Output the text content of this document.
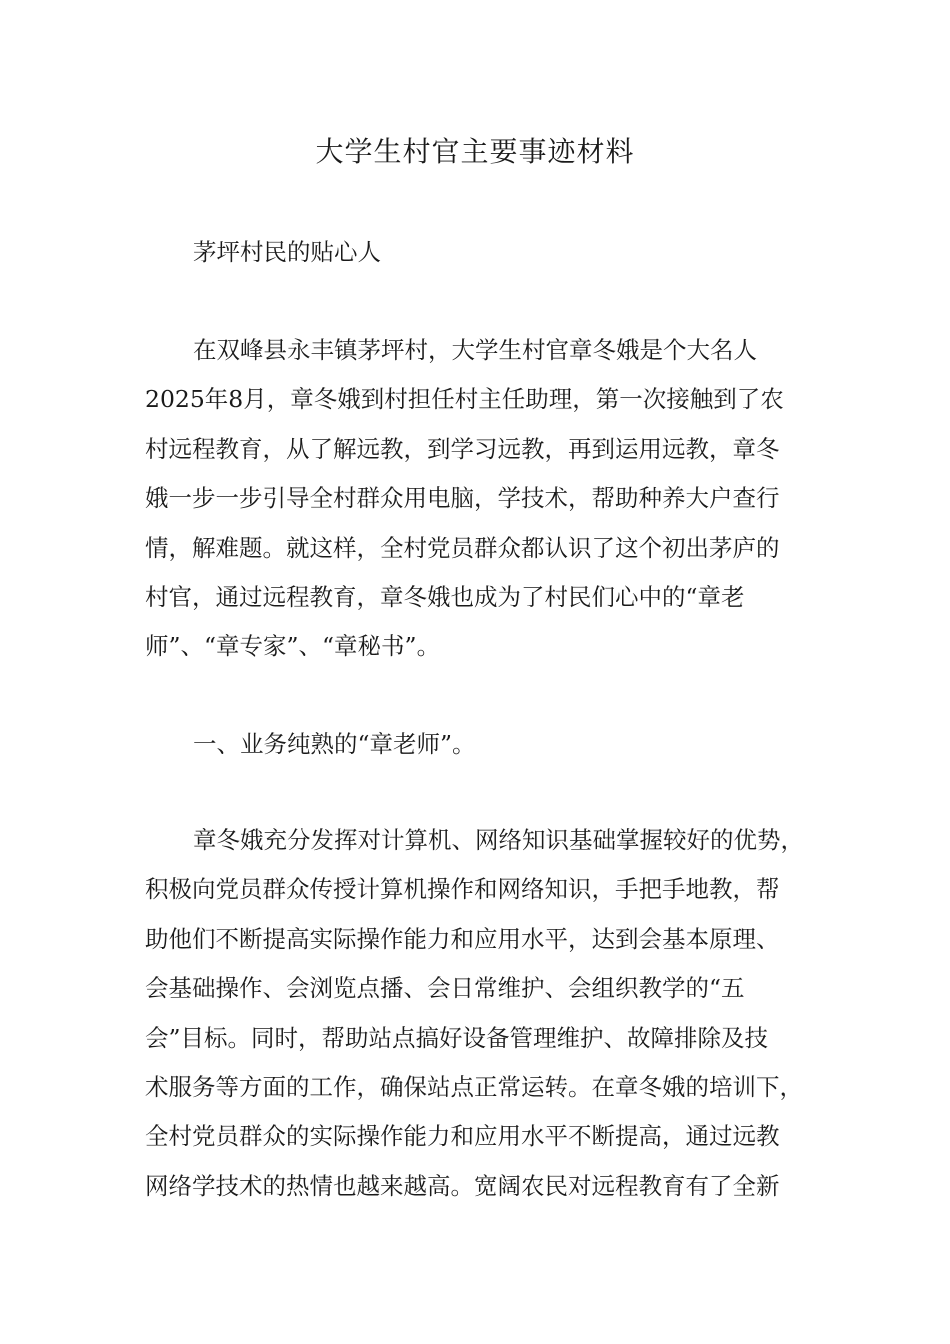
大学生村官主要事迹材料

茅坪村民的贴心人

在双峰县永丰镇茅坪村，大学生村官章冬娥是个大名人
2025年8月，章冬娥到村担任村主任助理，第一次接触到了农
村远程教育，从了解远教，到学习远教，再到运用远教，章冬
娥一步一步引导全村群众用电脑，学技术，帮助种养大户查行
情，解难题。就这样，全村党员群众都认识了这个初出茅庐的
村官，通过远程教育，章冬娥也成为了村民们心中的“章老
师”、“章专家”、“章秘书”。

一、业务纯熟的“章老师”。

章冬娥充分发挥对计算机、网络知识基础掌握较好的优势，
积极向党员群众传授计算机操作和网络知识，手把手地教，帮
助他们不断提高实际操作能力和应用水平，达到会基本原理、
会基础操作、会浏览点播、会日常维护、会组织教学的“五
会”目标。同时，帮助站点搞好设备管理维护、故障排除及技
术服务等方面的工作，确保站点正常运转。在章冬娥的培训下，
全村党员群众的实际操作能力和应用水平不断提高，通过远教
网络学技术的热情也越来越高。宽阔农民对远程教育有了全新
